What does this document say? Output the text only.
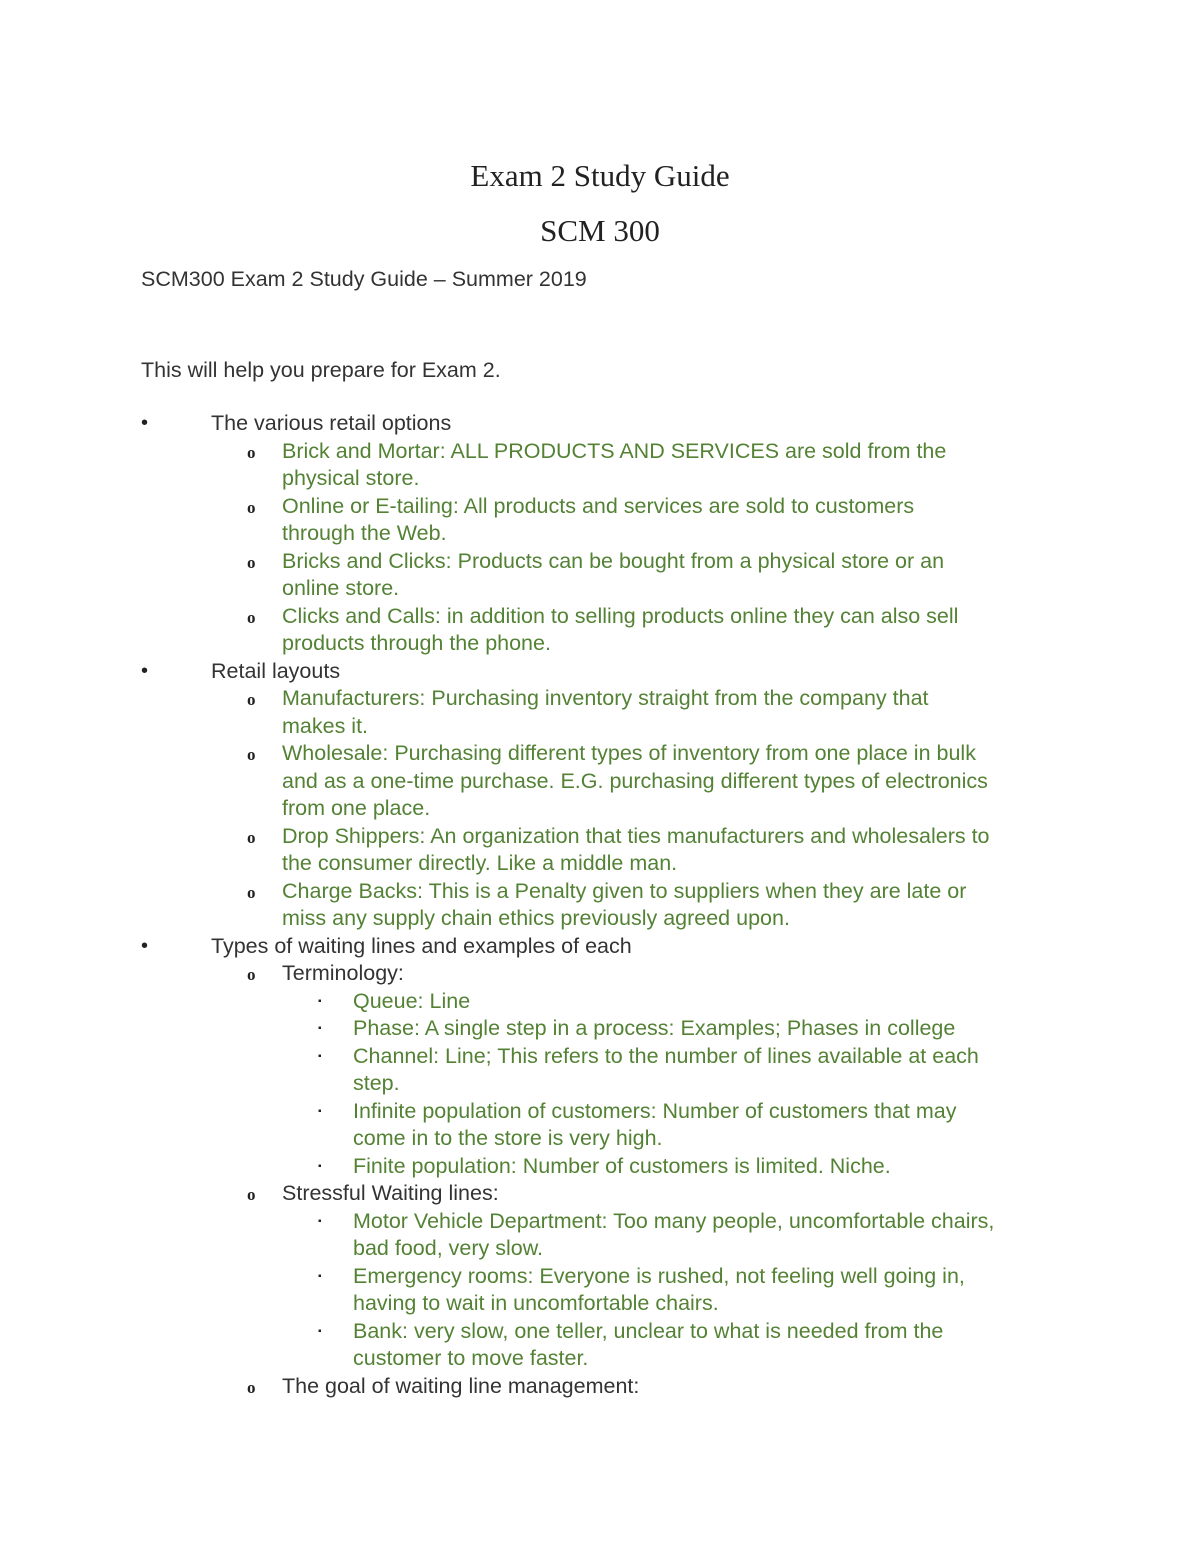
Exam 2 Study Guide
SCM 300
SCM300 Exam 2 Study Guide – Summer 2019
This will help you prepare for Exam 2.
•	The various retail options
o Brick and Mortar: ALL PRODUCTS AND SERVICES are sold from the
physical store.
o Online or E-tailing: All products and services are sold to customers
through the Web.
o Bricks and Clicks: Products can be bought from a physical store or an
online store.
o Clicks and Calls: in addition to selling products online they can also sell
products through the phone.
•	Retail layouts
o Manufacturers: Purchasing inventory straight from the company that
makes it.
o Wholesale: Purchasing different types of inventory from one place in bulk
and as a one-time purchase. E.G. purchasing different types of electronics
from one place.
o Drop Shippers: An organization that ties manufacturers and wholesalers to
the consumer directly. Like a middle man.
o Charge Backs: This is a Penalty given to suppliers when they are late or
miss any supply chain ethics previously agreed upon.
•	Types of waiting lines and examples of each
o Terminology:
▪ Queue: Line
▪ Phase: A single step in a process: Examples; Phases in college
▪ Channel: Line; This refers to the number of lines available at each
step.
▪ Infinite population of customers: Number of customers that may
come in to the store is very high.
▪ Finite population: Number of customers is limited. Niche.
o Stressful Waiting lines:
▪ Motor Vehicle Department: Too many people, uncomfortable chairs,
bad food, very slow.
▪ Emergency rooms: Everyone is rushed, not feeling well going in,
having to wait in uncomfortable chairs.
▪ Bank: very slow, one teller, unclear to what is needed from the
customer to move faster.
o The goal of waiting line management:
